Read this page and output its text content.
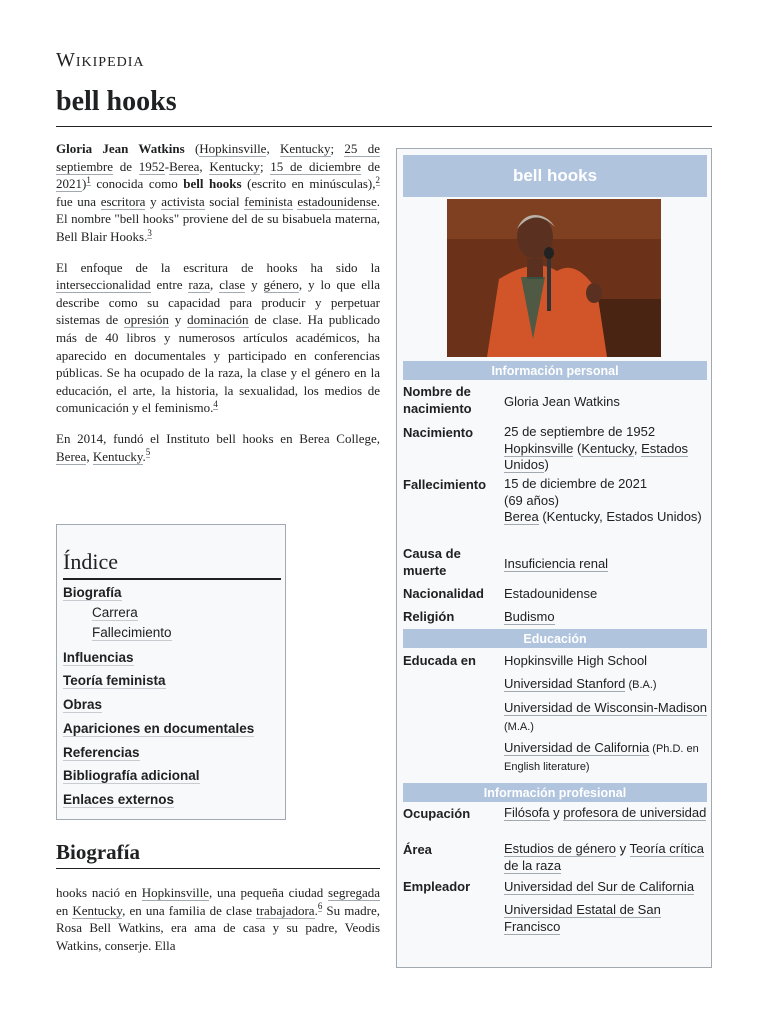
Wikipedia
bell hooks

Gloria Jean Watkins (Hopkinsville, Kentucky; 25 de septiembre de 1952-Berea, Kentucky; 15 de diciembre de 2021)$^1$ conocida como bell hooks (escrito en minúsculas),$^2$ fue una escritora y activista social feminista estadounidense. El nombre "bell hooks" proviene del de su bisabuela materna, Bell Blair Hooks.$^3$

El enfoque de la escritura de hooks ha sido la interseccionalidad entre raza, clase y género, y lo que ella describe como su capacidad para producir y perpetuar sistemas de opresión y dominación de clase. Ha publicado más de 40 libros y numerosos artículos académicos, ha aparecido en documentales y participado en conferencias públicas. Se ha ocupado de la raza, la clase y el género en la educación, el arte, la historia, la sexualidad, los medios de comunicación y el feminismo.$^4$

En 2014, fundó el Instituto bell hooks en Berea College, Berea, Kentucky.$^5$

Índice
Biografía
Carrera
Fallecimiento
Influencias
Teoría feminista
Obras
Apariciones en documentales
Referencias
Bibliografía adicional
Enlaces externos
Biografía
hooks nació en Hopkinsville, una pequeña ciudad segregada en Kentucky, en una familia de clase trabajadora.$^6$ Su madre, Rosa Bell Watkins, era ama de casa y su padre, Veodis Watkins, conserje. Ella
bell hooks
Información personal
Nombre de nacimiento	Gloria Jean Watkins
Nacimiento	25 de septiembre de 1952
Hopkinsville (Kentucky, Estados Unidos)
Fallecimiento	15 de diciembre de 2021
(69 años)
Berea (Kentucky, Estados Unidos)
Causa de muerte	Insuficiencia renal
Nacionalidad	Estadounidense
Religión	Budismo
Educación
Educada en	Hopkinsville High School
Universidad Stanford (B.A.)
Universidad de Wisconsin-Madison (M.A.)
Universidad de California (Ph.D. en English literature)
Información profesional
Ocupación	Filósofa y profesora de universidad
Área	Estudios de género y Teoría crítica de la raza
Empleador	Universidad del Sur de California
Universidad Estatal de San Francisco
